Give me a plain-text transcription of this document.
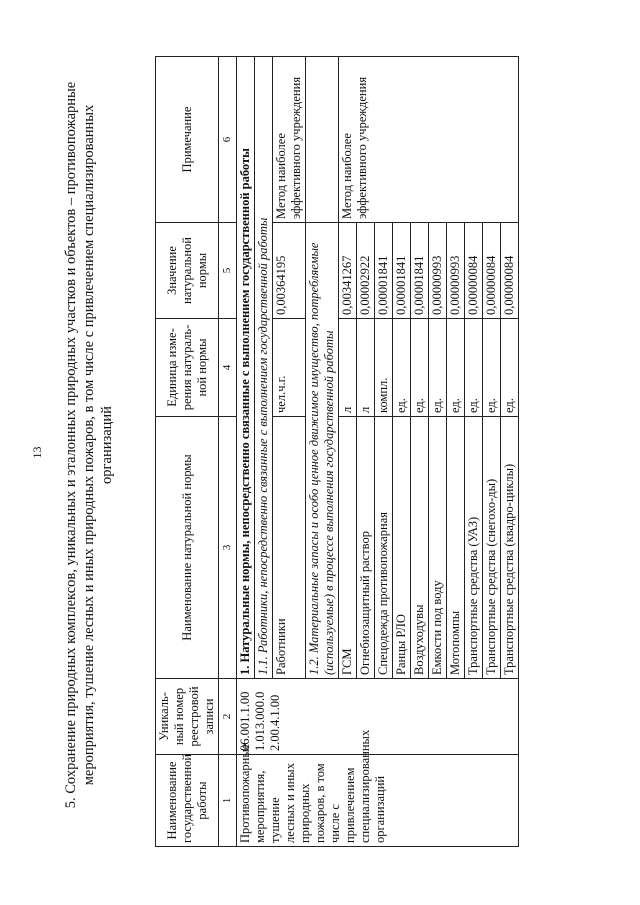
13 5. Сохранение природных комплексов, уникальных и эталонных природных участков и объектов – противопожарные мероприятия, тушение лесных и иных природных пожаров, в том числе с привлечением специализированных организаций
Наименование государственной работы	Уникаль-ный номер реестровой записи	Наименование натуральной нормы	Единица изме-рения натураль-ной нормы	Значение натуральной нормы	Примечание
1	2	3	4	5	6
Противопожарные мероприятия, тушение лесных и иных природных пожаров, в том числе с привлечением специализированных организаций	06.001.1.00 1.013.000.0 2.00.4.1.00	1. Натуральные нормы, непосредственно связанные с выполнением государственной работы			
		1.1. Работники, непосредственно связанные с выполнением государственной работы			
		Работники	чел.ч.г.	0,00364195	Метод наиболее эффективного учреждения
		1.2. Материальные запасы и особо ценное движимое имущество, потребляемые (используемые) в процессе выполнения государственной работы			
		ГСМ	л	0,00341267	Метод наиболее эффективного учреждения
		Огнебиозащитный раствор	л	0,00002922	
		Спецодежда противопожарная	компл.	0,00001841	
		Ранцы РЛО	ед.	0,00001841	
		Воздуходувы	ед.	0,00001841	
		Емкости под воду	ед.	0,00000993	
		Мотопомпы	ед.	0,00000993	
		Транспортные средства (УАЗ)	ед.	0,00000084	
		Транспортные средства (снегохо-ды)	ед.	0,00000084	
		Транспортные средства (квадро-циклы)	ед.	0,00000084	
